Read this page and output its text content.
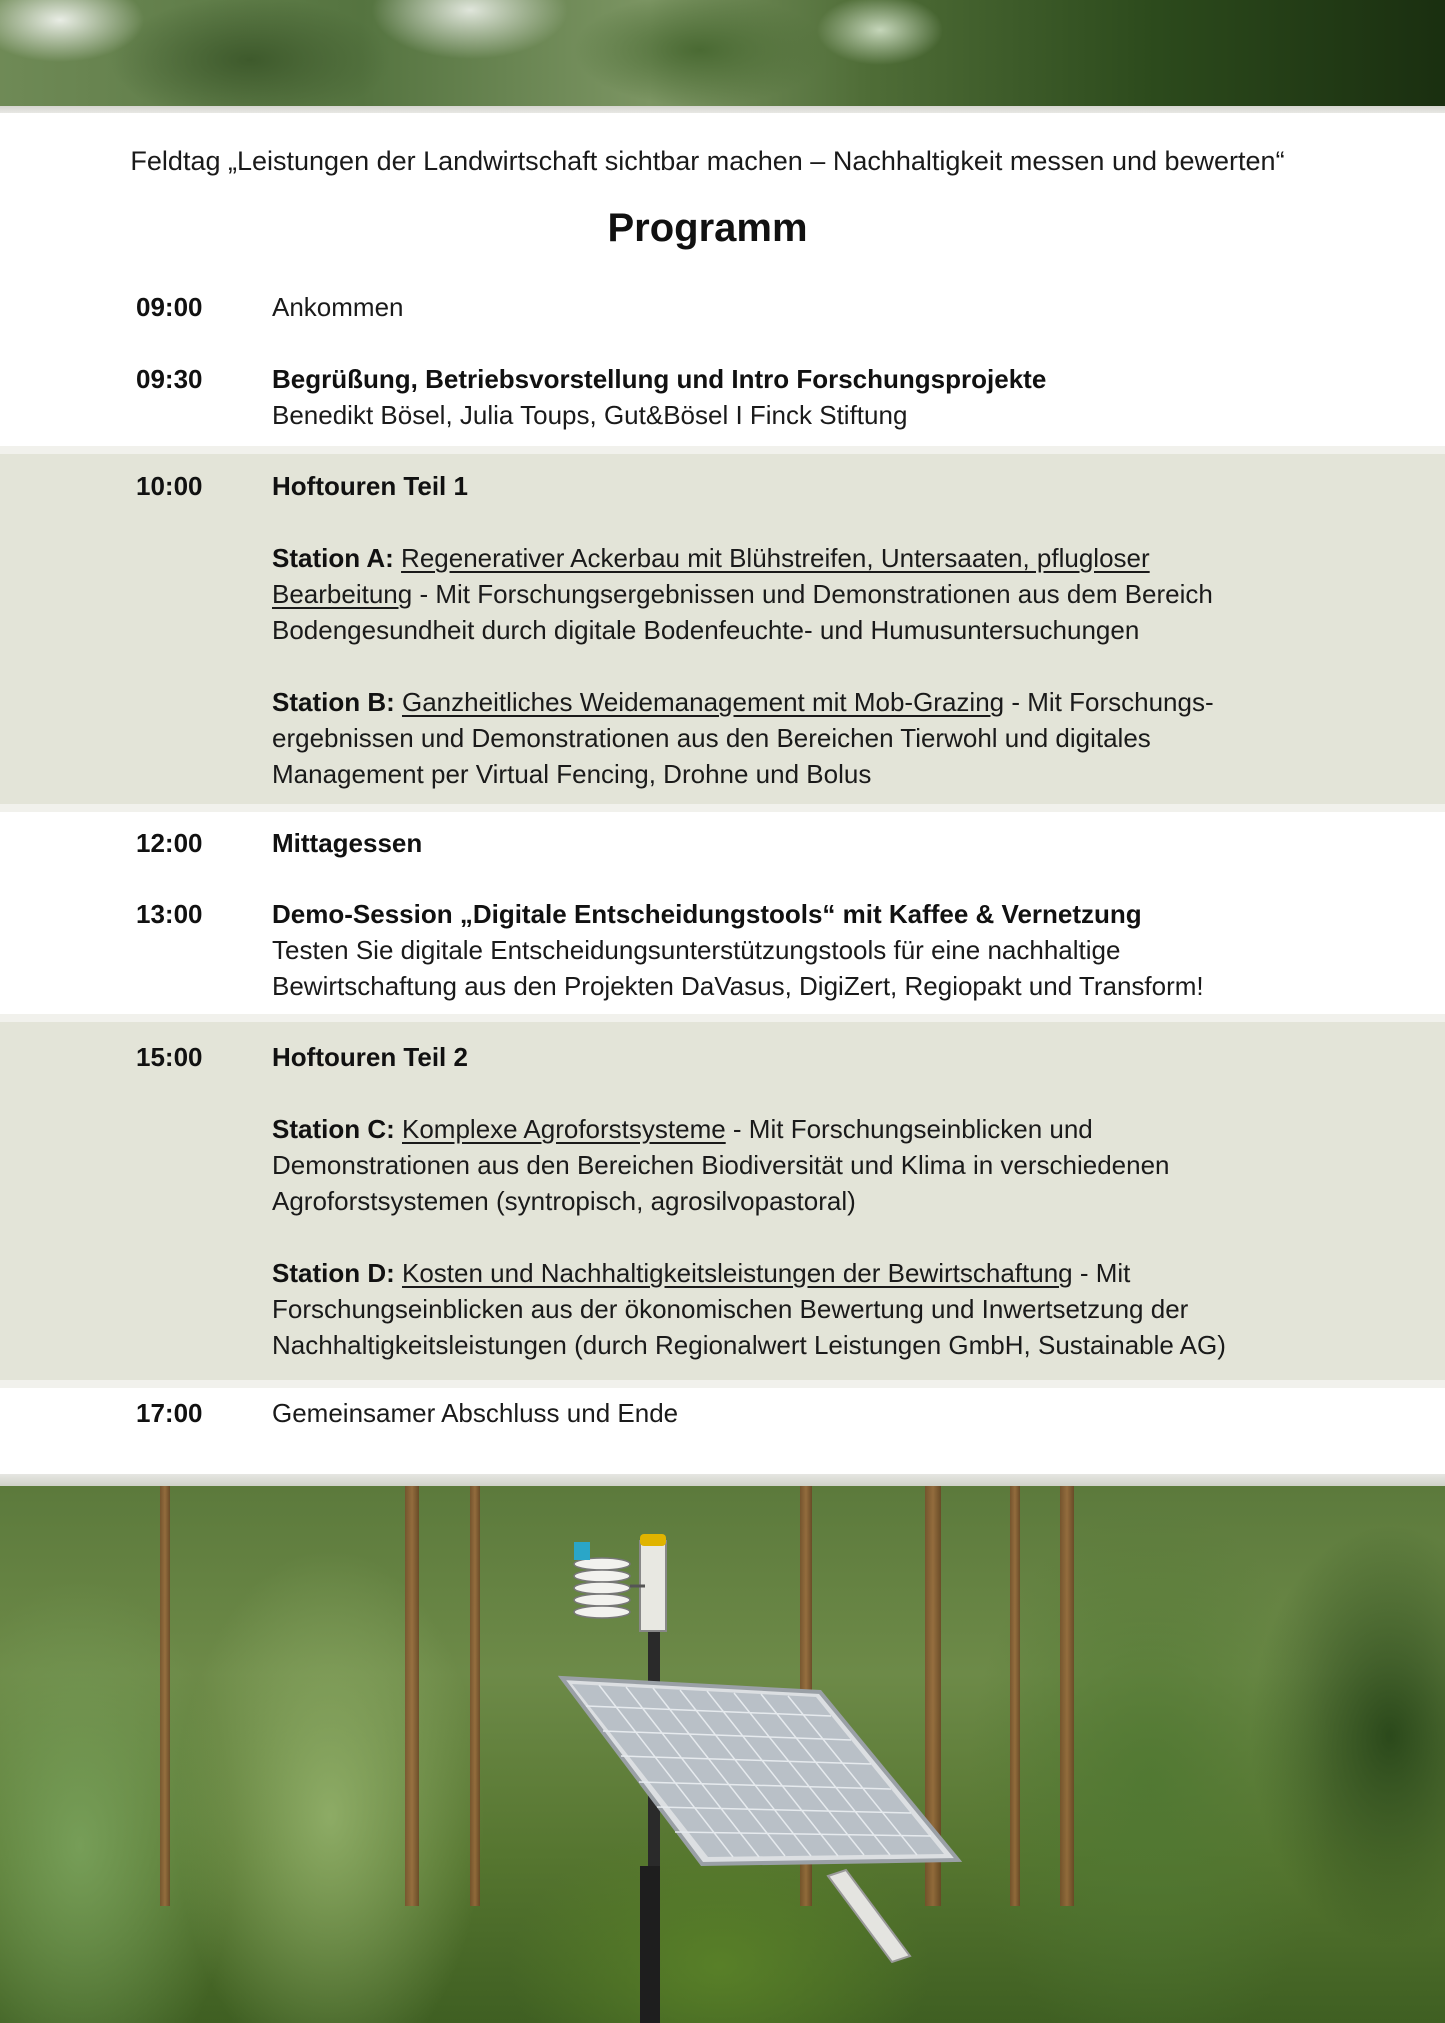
Feldtag „Leistungen der Landwirtschaft sichtbar machen – Nachhaltigkeit messen und bewerten“
Programm
09:00	Ankommen
09:30	Begrüßung, Betriebsvorstellung und Intro Forschungsprojekte
Benedikt Bösel, Julia Toups, Gut&Bösel I Finck Stiftung
10:00	Hoftouren Teil 1

Station A: Regenerativer Ackerbau mit Blühstreifen, Untersaaten, pflugloser Bearbeitung - Mit Forschungsergebnissen und Demonstrationen aus dem Bereich Bodengesundheit durch digitale Bodenfeuchte- und Humusuntersuchungen

Station B: Ganzheitliches Weidemanagement mit Mob-Grazing - Mit Forschungs-ergebnissen und Demonstrationen aus den Bereichen Tierwohl und digitales Management per Virtual Fencing, Drohne und Bolus

12:00	Mittagessen
13:00	Demo-Session „Digitale Entscheidungstools“ mit Kaffee & Vernetzung
Testen Sie digitale Entscheidungsunterstützungstools für eine nachhaltige Bewirtschaftung aus den Projekten DaVasus, DigiZert, Regiopakt und Transform!
15:00	Hoftouren Teil 2

Station C: Komplexe Agroforstsysteme - Mit Forschungseinblicken und Demonstrationen aus den Bereichen Biodiversität und Klima in verschiedenen Agroforstsystemen (syntropisch, agrosilvopastoral)

Station D: Kosten und Nachhaltigkeitsleistungen der Bewirtschaftung - Mit Forschungseinblicken aus der ökonomischen Bewertung und Inwertsetzung der Nachhaltigkeitsleistungen (durch Regionalwert Leistungen GmbH, Sustainable AG)

17:00	Gemeinsamer Abschluss und Ende
